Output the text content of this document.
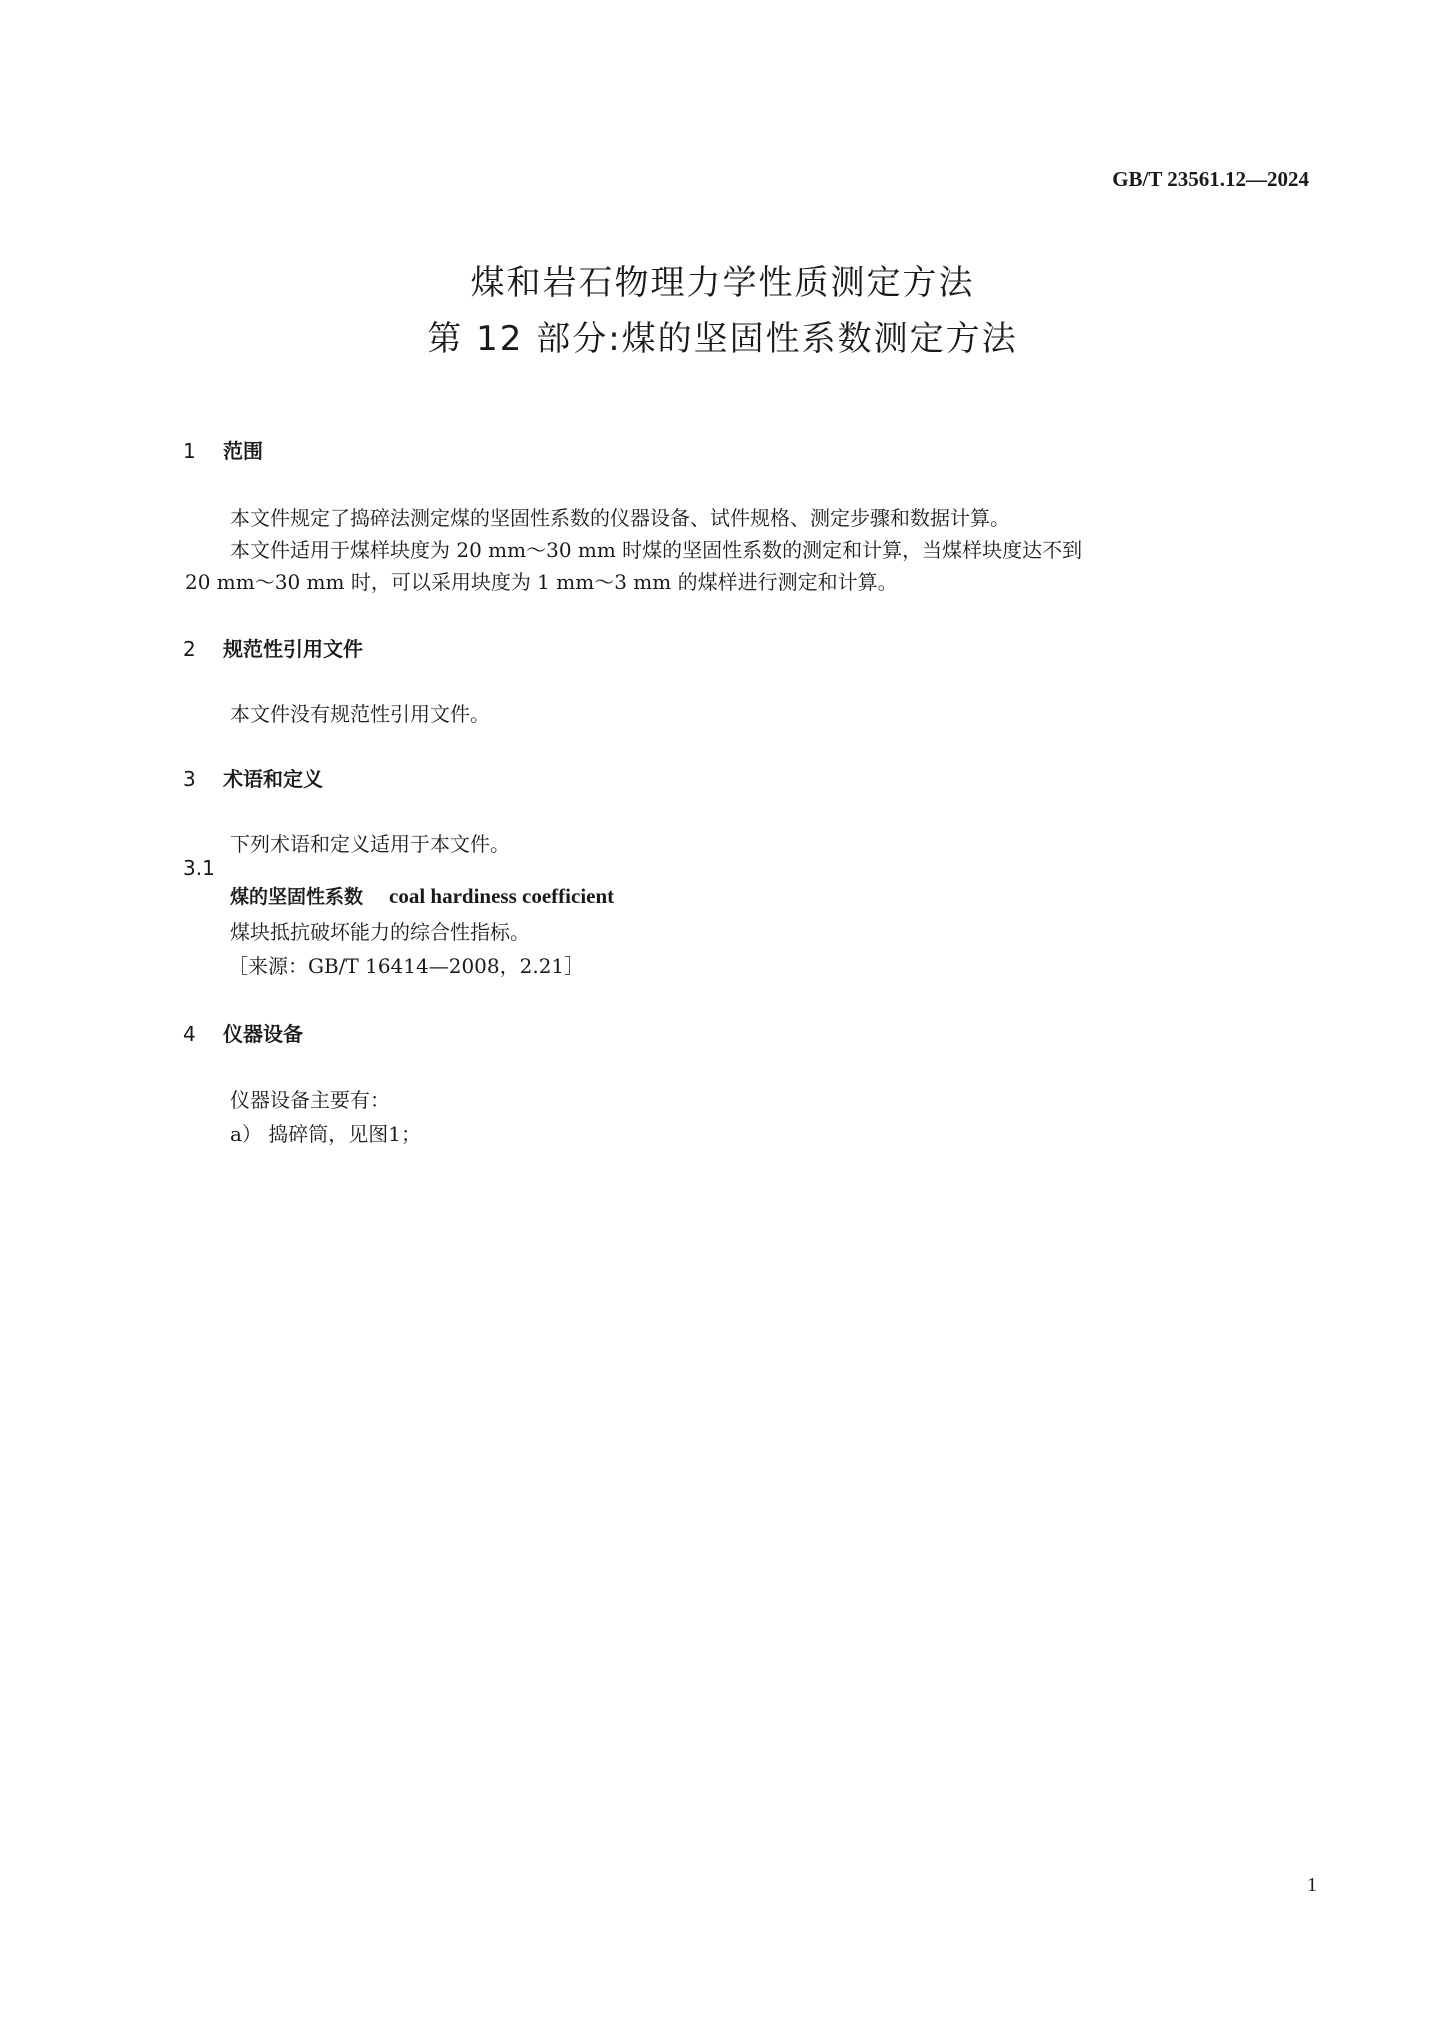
GB/T 23561.12—2024
煤和岩石物理力学性质测定方法
第 12 部分:煤的坚固性系数测定方法
1 范围
本文件规定了捣碎法测定煤的坚固性系数的仪器设备、试件规格、测定步骤和数据计算。
本文件适用于煤样块度为 20 mm～30 mm 时煤的坚固性系数的测定和计算，当煤样块度达不到
20 mm～30 mm 时，可以采用块度为 1 mm～3 mm 的煤样进行测定和计算。
2 规范性引用文件
本文件没有规范性引用文件。
3 术语和定义
下列术语和定义适用于本文件。
3.1
煤的坚固性系数 coal hardiness coefficient
煤块抵抗破坏能力的综合性指标。
［来源：GB/T 16414—2008，2.21］
4 仪器设备
仪器设备主要有：
a） 捣碎筒，见图1；
1
